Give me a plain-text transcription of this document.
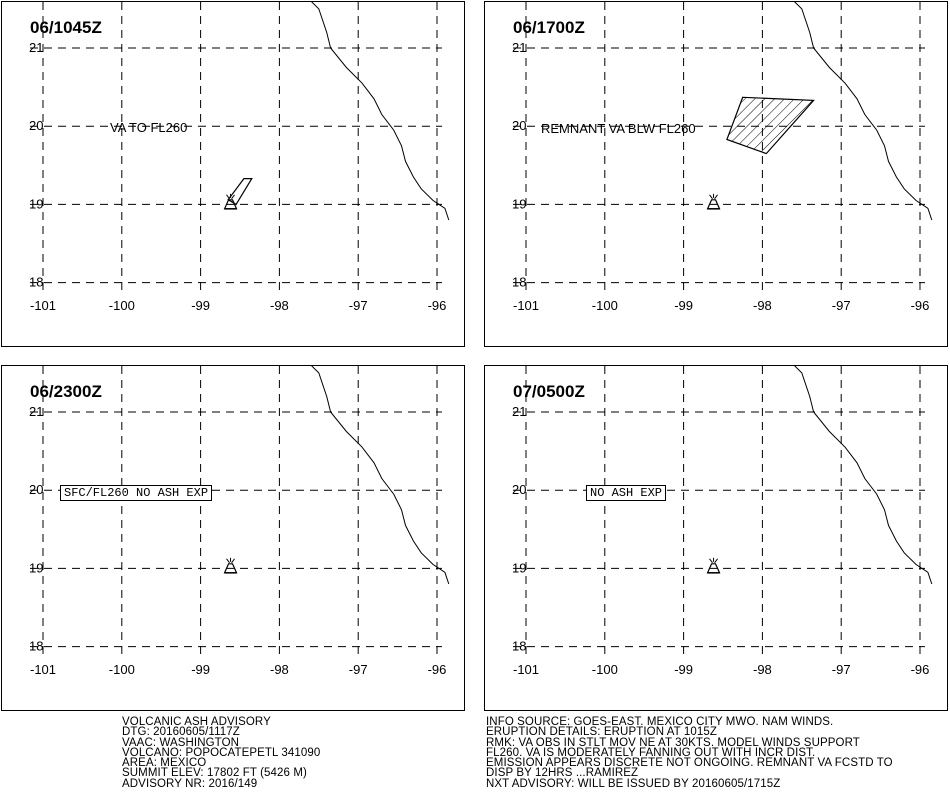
-101	-100	-99	-98	-97	-96
21
20
19
18
06/1045Z
VA TO FL260
-101	-100	-99	-98	-97	-96
21
20
19
18
06/1700Z
REMNANT VA BLW FL260
-101	-100	-99	-98	-97	-96
21
20
19
18
06/2300Z
SFC/FL260 NO ASH EXP
-101	-100	-99	-98	-97	-96
21
20
19
18
07/0500Z
NO ASH EXP
VOLCANIC ASH ADVISORY
DTG: 20160605/1117Z
VAAC: WASHINGTON
VOLCANO: POPOCATEPETL 341090
AREA: MEXICO
SUMMIT ELEV: 17802 FT (5426 M)
ADVISORY NR: 2016/149
INFO SOURCE: GOES-EAST. MEXICO CITY MWO. NAM WINDS.
ERUPTION DETAILS: ERUPTION AT 1015Z
RMK: VA OBS IN STLT MOV NE AT 30KTS. MODEL WINDS SUPPORT
FL260. VA IS MODERATELY FANNING OUT WITH INCR DIST.
EMISSION APPEARS DISCRETE NOT ONGOING. REMNANT VA FCSTD TO
DISP BY 12HRS ...RAMIREZ
NXT ADVISORY: WILL BE ISSUED BY 20160605/1715Z
